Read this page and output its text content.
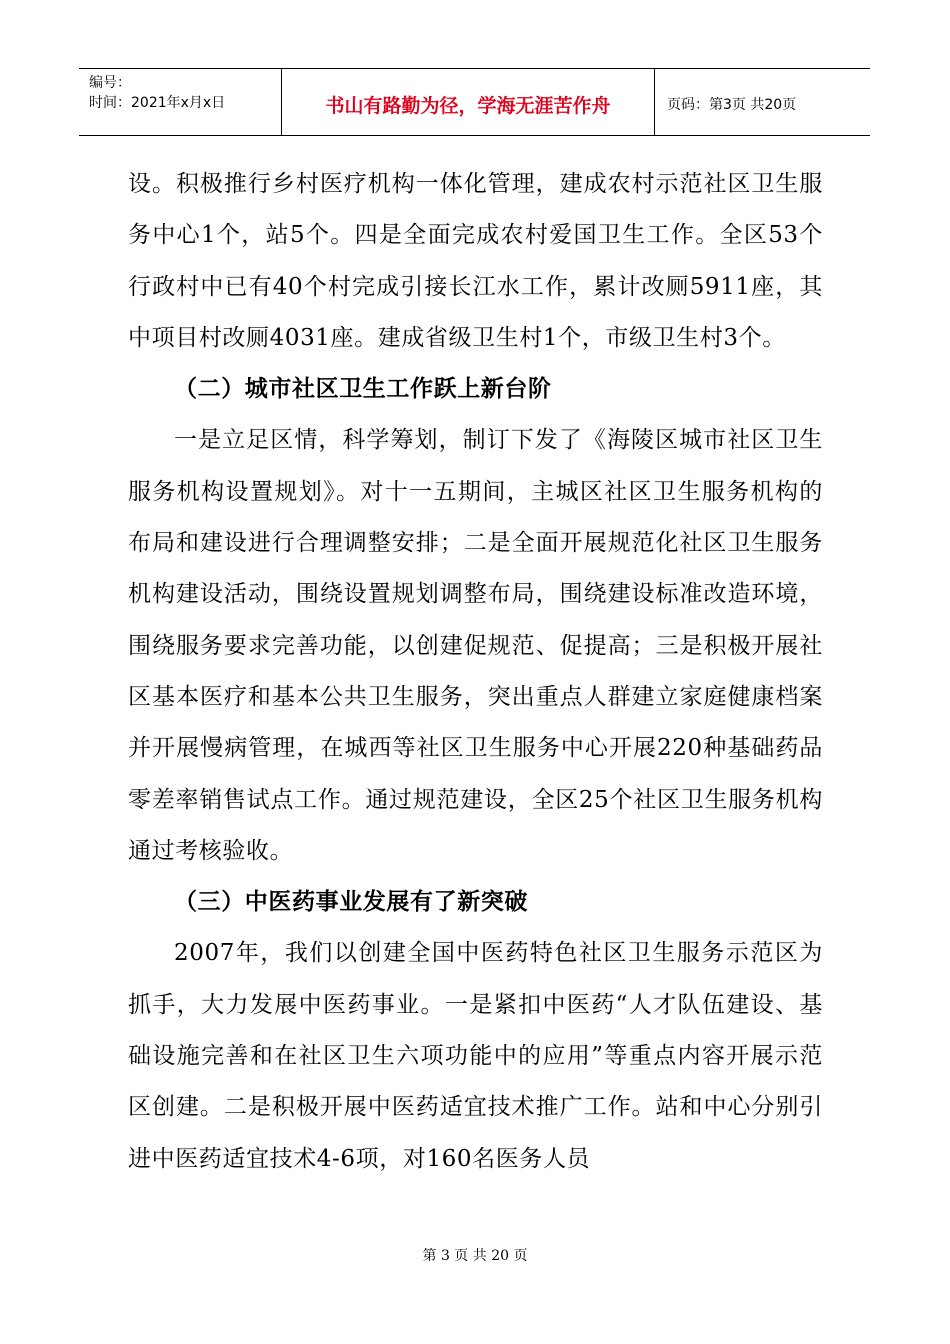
编号：
时间：2021年x月x日	书山有路勤为径，学海无涯苦作舟	页码：第3页 共20页

设。积极推行乡村医疗机构一体化管理，建成农村示范社区卫生服务中心1个，站5个。四是全面完成农村爱国卫生工作。全区53个行政村中已有40个村完成引接长江水工作，累计改厕5911座，其中项目村改厕4031座。建成省级卫生村1个，市级卫生村3个。

（二）城市社区卫生工作跃上新台阶

一是立足区情，科学筹划，制订下发了《海陵区城市社区卫生服务机构设置规划》。对十一五期间，主城区社区卫生服务机构的布局和建设进行合理调整安排；二是全面开展规范化社区卫生服务机构建设活动，围绕设置规划调整布局，围绕建设标准改造环境，围绕服务要求完善功能，以创建促规范、促提高；三是积极开展社区基本医疗和基本公共卫生服务，突出重点人群建立家庭健康档案并开展慢病管理，在城西等社区卫生服务中心开展220种基础药品零差率销售试点工作。通过规范建设，全区25个社区卫生服务机构通过考核验收。

（三）中医药事业发展有了新突破

2007年，我们以创建全国中医药特色社区卫生服务示范区为抓手，大力发展中医药事业。一是紧扣中医药“人才队伍建设、基础设施完善和在社区卫生六项功能中的应用”等重点内容开展示范区创建。二是积极开展中医药适宜技术推广工作。站和中心分别引进中医药适宜技术4-6项，对160名医务人员

第 3 页 共 20 页
